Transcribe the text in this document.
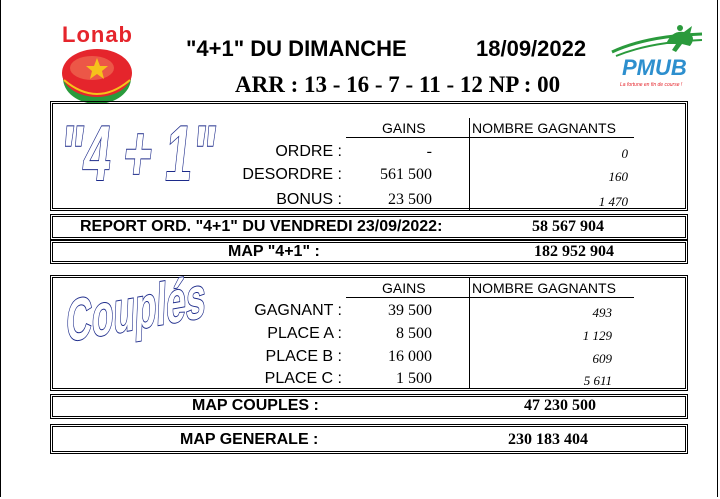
Lonab
PMUB
La fortune en fin de course !
"4+1" DU DIMANCHE	18/09/2022
ARR : 13 - 16 - 7 - 11 - 12 NP : 00
"4 + 1"	GAINS	NOMBRE GAGNANTS
ORDRE :	-	0
DESORDRE :	561 500	160
BONUS :	23 500	1 470
REPORT ORD. "4+1" DU VENDREDI 23/09/2022:	58 567 904
MAP "4+1" :	182 952 904
Couplés	GAINS	NOMBRE GAGNANTS
GAGNANT :	39 500	493
PLACE A :	8 500	1 129
PLACE B :	16 000	609
PLACE C :	1 500	5 611
MAP COUPLES :	47 230 500
MAP GENERALE :	230 183 404
